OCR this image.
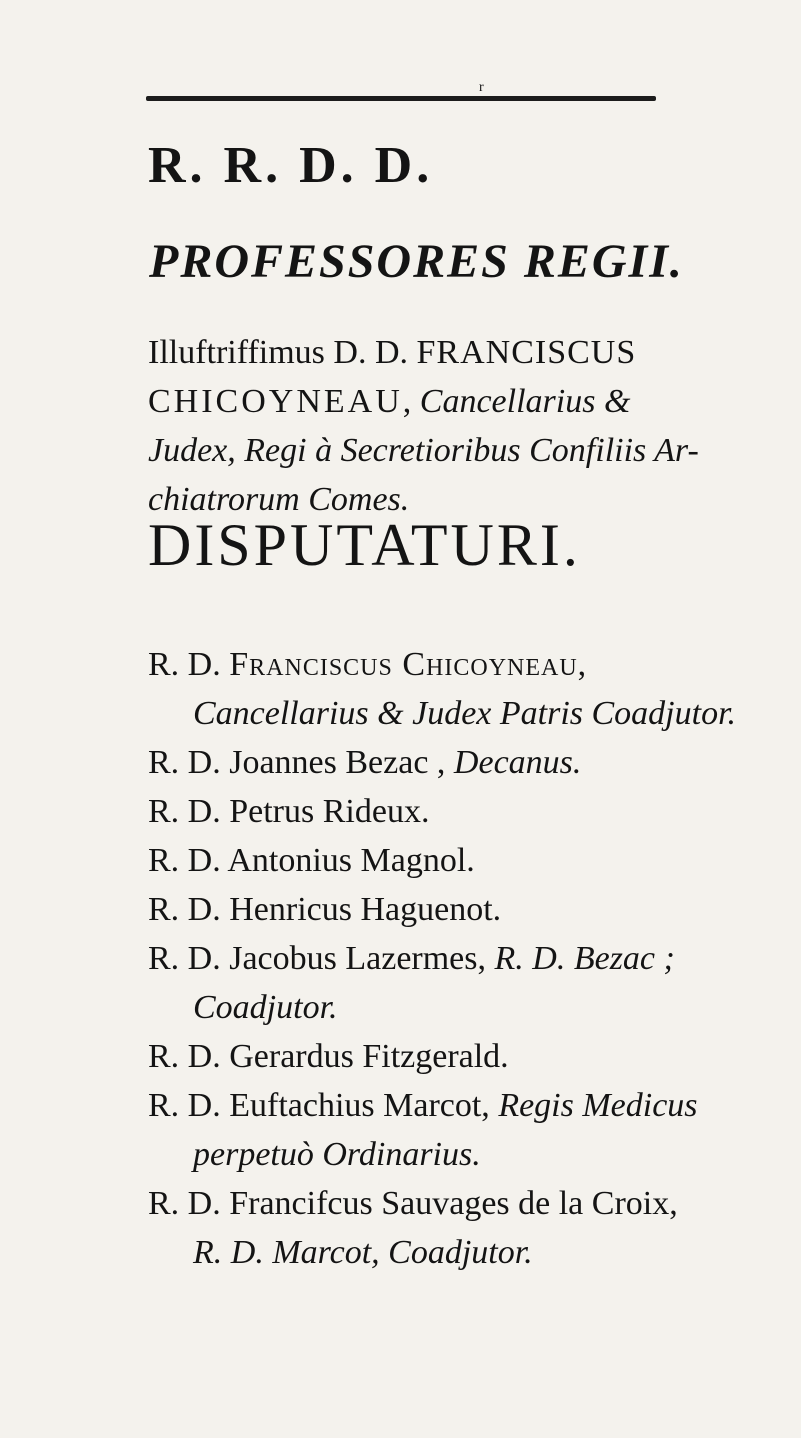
r
R. R. D. D.
PROFESSORES REGII.
Illuftriffimus D. D. FRANCISCUS
CHICOYNEAU, Cancellarius &
Judex, Regi à Secretioribus Confiliis Ar-
chiatrorum Comes.
DISPUTATURI.
R. D. Franciscus Chicoyneau,
Cancellarius & Judex Patris Coadjutor.
R. D. Joannes Bezac , Decanus.
R. D. Petrus Rideux.
R. D. Antonius Magnol.
R. D. Henricus Haguenot.
R. D. Jacobus Lazermes, R. D. Bezac ;
Coadjutor.
R. D. Gerardus Fitzgerald.
R. D. Euftachius Marcot, Regis Medicus
perpetuò Ordinarius.
R. D. Francifcus Sauvages de la Croix,
R. D. Marcot, Coadjutor.
